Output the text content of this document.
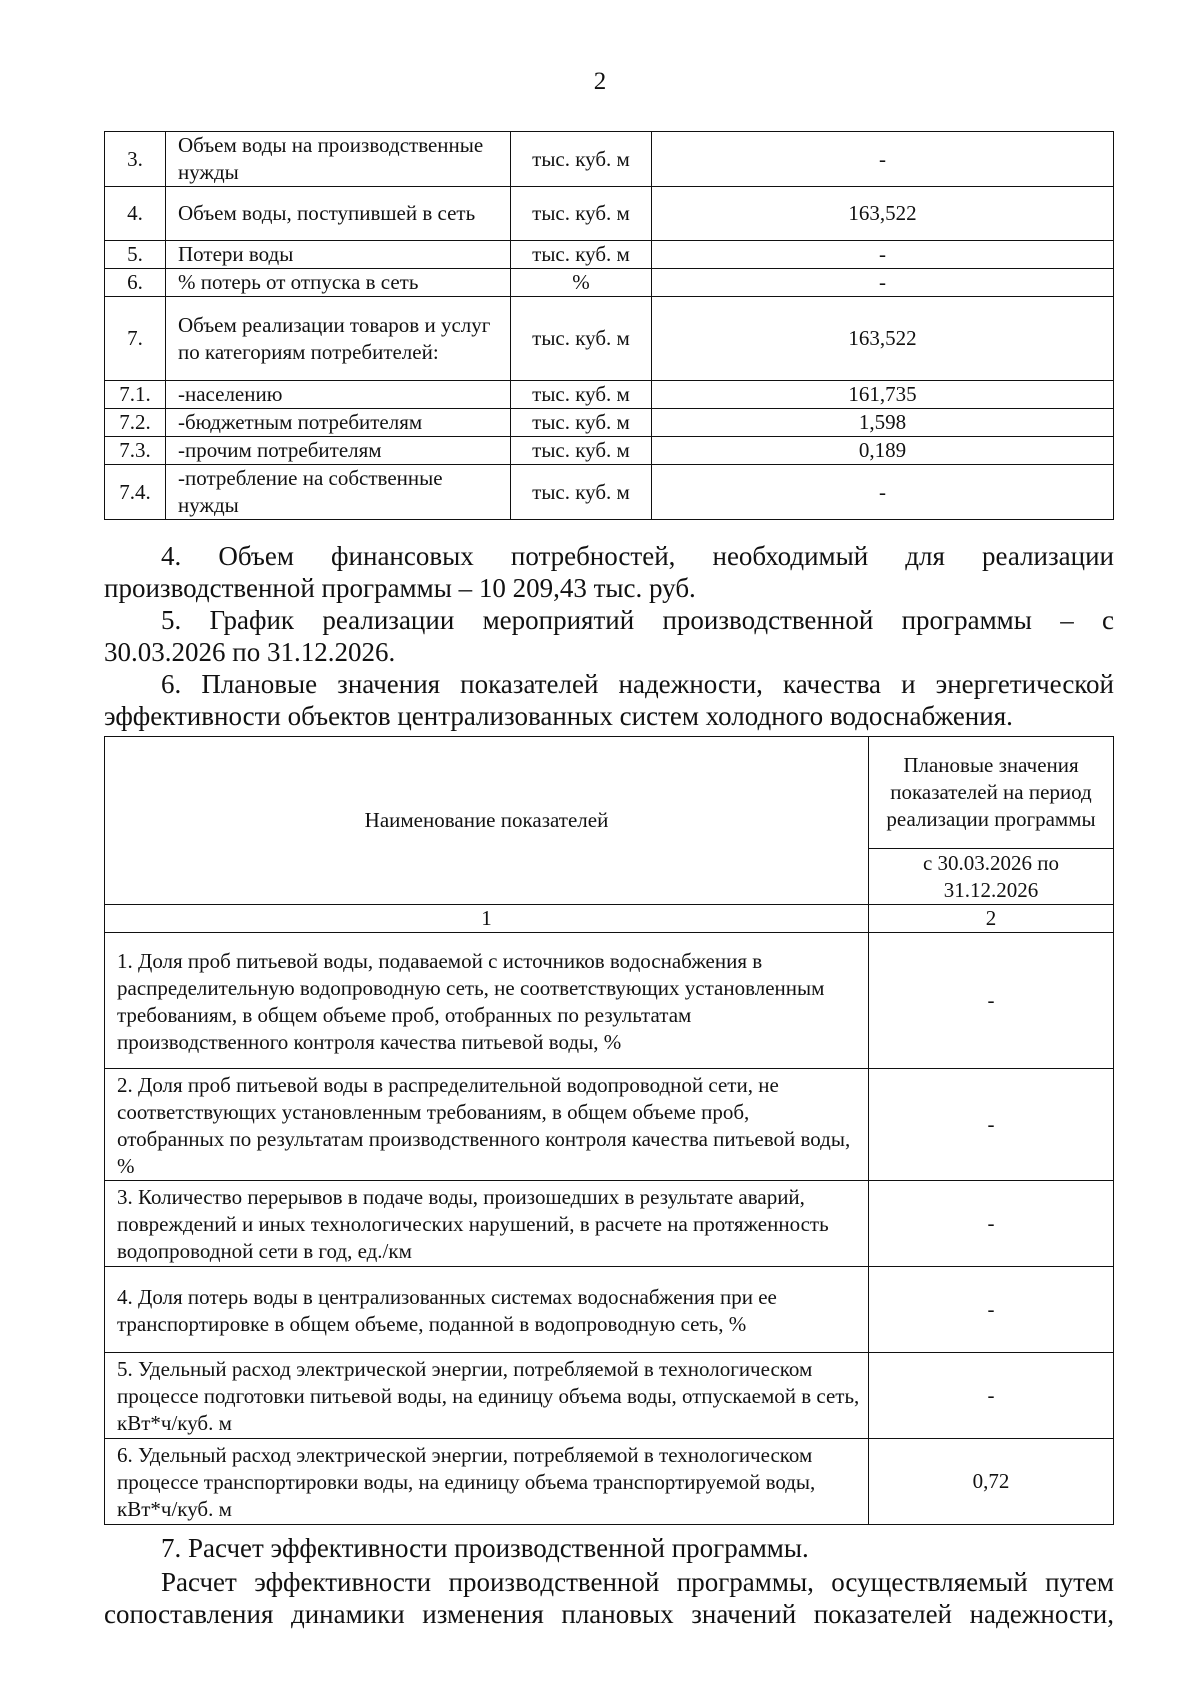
2
3.	Объем воды на производственные нужды	тыс. куб. м	-
4.	Объем воды, поступившей в сеть	тыс. куб. м	163,522
5.	Потери воды	тыс. куб. м	-
6.	% потерь от отпуска в сеть	%	-
7.	Объем реализации товаров и услуг по категориям потребителей:	тыс. куб. м	163,522
7.1.	-населению	тыс. куб. м	161,735
7.2.	-бюджетным потребителям	тыс. куб. м	1,598
7.3.	-прочим потребителям	тыс. куб. м	0,189
7.4.	-потребление на собственные нужды	тыс. куб. м	-
4. Объем финансовых потребностей, необходимый для реализации
производственной программы – 10 209,43 тыс. руб.
5. График реализации мероприятий производственной программы – с
30.03.2026 по 31.12.2026.
6. Плановые значения показателей надежности, качества и энергетической
эффективности объектов централизованных систем холодного водоснабжения.
Наименование показателей	Плановые значения показателей на период реализации программы
	с 30.03.2026 по 31.12.2026
1	2
1. Доля проб питьевой воды, подаваемой с источников водоснабжения в распределительную водопроводную сеть, не соответствующих установленным требованиям, в общем объеме проб, отобранных по результатам производственного контроля качества питьевой воды, %	-
2. Доля проб питьевой воды в распределительной водопроводной сети, не соответствующих установленным требованиям, в общем объеме проб, отобранных по результатам производственного контроля качества питьевой воды, %	-
3. Количество перерывов в подаче воды, произошедших в результате аварий, повреждений и иных технологических нарушений, в расчете на протяженность водопроводной сети в год, ед./км	-
4. Доля потерь воды в централизованных системах водоснабжения при ее транспортировке в общем объеме, поданной в водопроводную сеть, %	-
5. Удельный расход электрической энергии, потребляемой в технологическом процессе подготовки питьевой воды, на единицу объема воды, отпускаемой в сеть, кВт*ч/куб. м	-
6. Удельный расход электрической энергии, потребляемой в технологическом процессе транспортировки воды, на единицу объема транспортируемой воды, кВт*ч/куб. м	0,72
7. Расчет эффективности производственной программы.
Расчет эффективности производственной программы, осуществляемый путем
сопоставления динамики изменения плановых значений показателей надежности,
